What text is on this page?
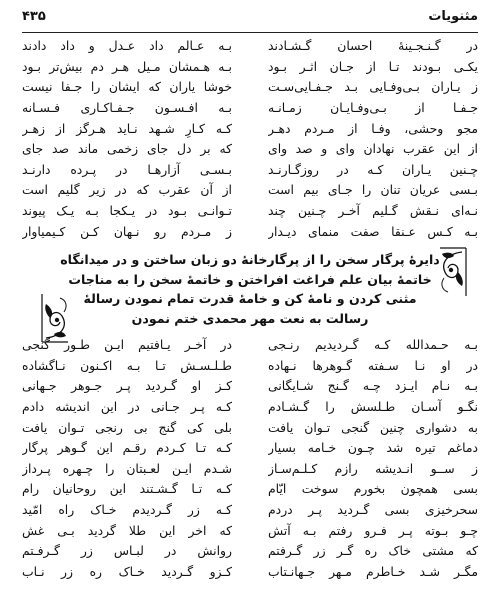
مثنویات
۴۳۵
در گـنـجـینهٔ احسان گـشـادند
بـه عـالم داد عـدل و داد دادند
یکـی بـودند تـا از جـان اثـر بـود
بـه هـمشان مـیل هـر دم بیش‌تر بـود
ز یـاران بـی‌وفـایی بـد جـفـایی‌سـت
خوشا یاران که ایشان را جـفا نیست
جـفـا از بـی‌وفـایـان زمـانـه
بـه افـسـون جـفـاکـاری فـسـانه
مجو وحشی، وفـا از مـردم دهـر
کـه کـارِ شـهد نـاید هـرگز از زهـر
از این عقرب نهادان وای و صد وای
که بر دل جای زخمی ماند صد جای
چـنین یـاران کـه در روزگـارنـد
بـسـی آزارهـا در پـرده دارنـد
بـسی عریان تنان را جـای بیم است
از آن عقرب که در زیر گلیم است
نـه‌ای نـقش گـلیم آخـر چـنین چند
تـوانـی بـود در یـکجا بـه یـک پیوند
بـه کـس عـنقا صفت منمای دیـدار
ز مـردم رو نـهان کـن کـیمیاوار
دایرهٔ پرگار سخن را از پرگارخانهٔ دو زبان ساختن و در میدانگاه
خاتمهٔ بیان علم فراغت افراختن و خاتمهٔ سخن را به مناجات
مثنی کردن و نامهٔ کن و خامهٔ قدرت تمام نمودن رسالهٔ
رسالت به نعت مهر محمدی ختم نمودن
بـه حـمدالله کـه گـردیدیم رنـجی
در آخـر یـافتیم ایـن طـور گنجی
در او نـا سـفته گـوهرها نـهاده
طـلـسـش تـا بـه اکـنون نـاگشاده
بـه نـام ایـزد چـه گـنج شـایگانی
کـز او گـردید پـر جـوهر جـهانی
نگـو آسـان طـلسش را گـشـادم
کـه پـر جـانی در این اندیشه دادم
به دشواری چنین گنجی تـوان یافت
بلی کی گنج بی رنجی تـوان یافت
دماغم تیره شد چـون خـامه بسیار
کـه تـا کـردم رقـم این گـوهر پرگار
ز ســو انـدیشه رازم کـلـم‌سـاز
شـدم ایـن لعـبتان را چـهره پـرداز
بسی همچون بخورم سوخت ایّام
کـه تـا گـشـتند این روحانیان رام
سحرخیزی بسی گـردید پـر دردم
کـه زر گـردیدم خـاک راه امّید
چـو بـوته پـر فـرو رفتم بـه آتش
که اخر این طلا گردید بـی غش
که مشتی خاک ره گـر زر گـرفتم
روانش در لبـاس زر گـرفـتم
مگـر شـد خـاطرم مـهر جـهانـتاب
کـزو گـردید خـاک ره زر نـاب
